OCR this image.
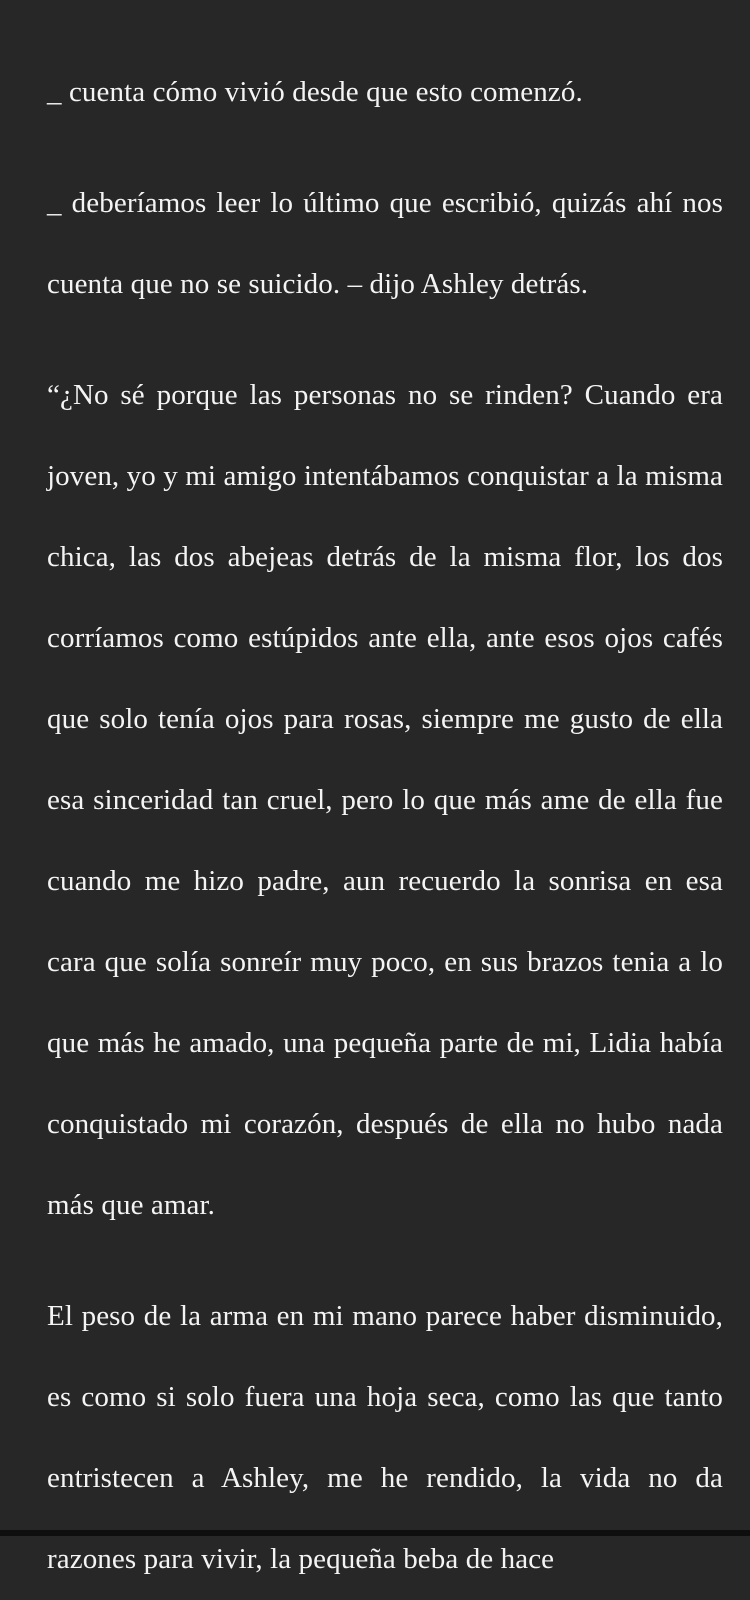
_ cuenta cómo vivió desde que esto comenzó.

_ deberíamos leer lo último que escribió, quizás ahí nos cuenta que no se suicido. – dijo Ashley detrás.

“¿No sé porque las personas no se rinden? Cuando era joven, yo y mi amigo intentábamos conquistar a la misma chica, las dos abejeas detrás de la misma flor, los dos corríamos como estúpidos ante ella, ante esos ojos cafés que solo tenía ojos para rosas, siempre me gusto de ella esa sinceridad tan cruel, pero lo que más ame de ella fue cuando me hizo padre, aun recuerdo la sonrisa en esa cara que solía sonreír muy poco, en sus brazos tenia a lo que más he amado, una pequeña parte de mi, Lidia había conquistado mi corazón, después de ella no hubo nada más que amar.

El peso de la arma en mi mano parece haber disminuido, es como si solo fuera una hoja seca, como las que tanto entristecen a Ashley, me he rendido, la vida no da razones para vivir, la pequeña beba de hace
